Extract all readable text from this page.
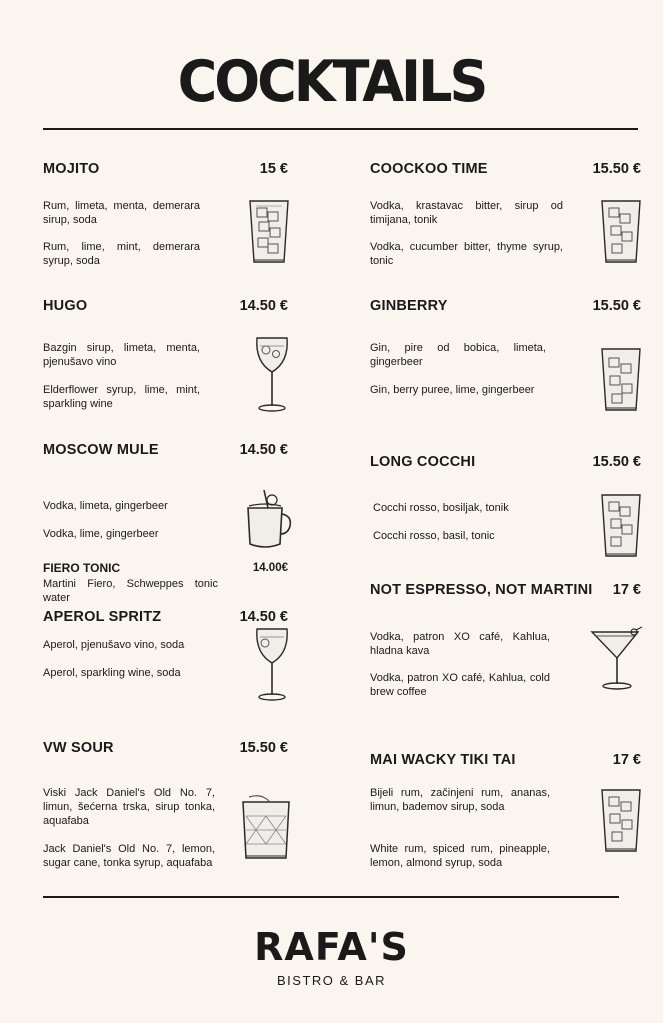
COCKTAILS
MOJITO	15 €
Rum, limeta, menta, demerara sirup, soda
Rum, lime, mint, demerara syrup, soda
HUGO	14.50 €
Bazgin sirup, limeta, menta, pjenušavo vino
Elderflower syrup, lime, mint, sparkling wine
MOSCOW MULE	14.50 €
Vodka, limeta, gingerbeer
Vodka, lime, gingerbeer
FIERO TONIC	14.00€
Martini Fiero, Schweppes tonic water
APEROL SPRITZ	14.50 €
Aperol, pjenušavo vino, soda
Aperol, sparkling wine, soda
VW SOUR	15.50 €
Viski Jack Daniel's Old No. 7, limun, šećerna trska, sirup tonka, aquafaba
Jack Daniel's Old No. 7, lemon, sugar cane, tonka syrup, aquafaba
COOCKOO TIME	15.50 €
Vodka, krastavac bitter, sirup od timijana, tonik
Vodka, cucumber bitter, thyme syrup, tonic
GINBERRY	15.50 €
Gin, pire od bobica, limeta, gingerbeer
Gin, berry puree, lime, gingerbeer
LONG COCCHI	15.50 €
Cocchi rosso, bosiljak, tonik
Cocchi rosso, basil, tonic
NOT ESPRESSO, NOT MARTINI	17 €
Vodka, patron XO café, Kahlua, hladna kava
Vodka, patron XO café, Kahlua, cold brew coffee
MAI WACKY TIKI TAI	17 €
Bijeli rum, začinjeni rum, ananas, limun, bademov sirup, soda
White rum, spiced rum, pineapple, lemon, almond syrup, soda
RAFA'S
BISTRO & BAR
